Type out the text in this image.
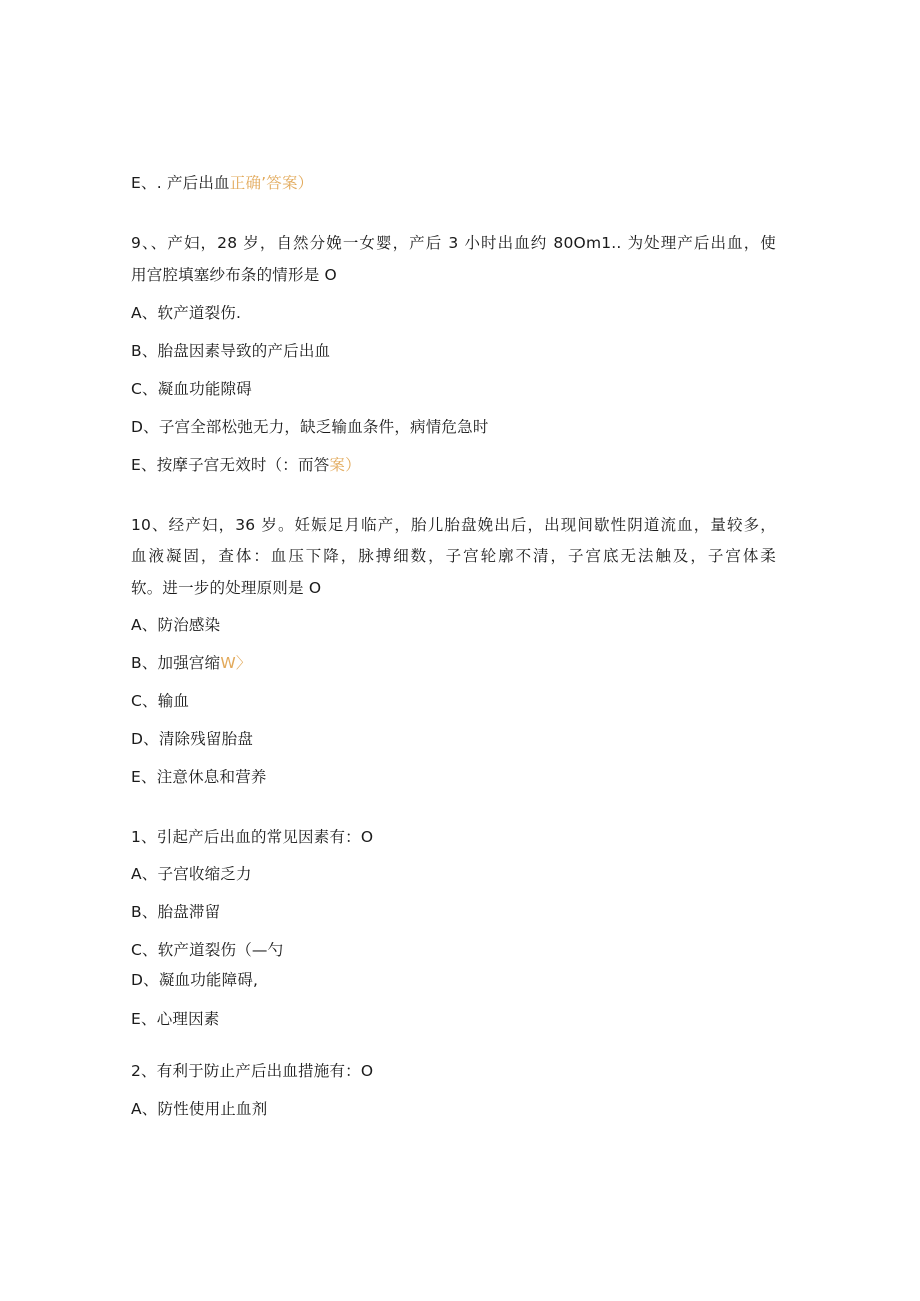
E、. 产后出血正确’答案）
9、、产妇，28 岁，自然分娩一女婴，产后 3 小时出血约 80Om1.. 为处理产后出血，使
用宫腔填塞纱布条的情形是 O
A、软产道裂伤.
B、胎盘因素导致的产后出血
C、凝血功能隙碍
D、子宫全部松弛无力，缺乏输血条件，病情危急时
E、按摩子宫无效时（：而答案）
10、经产妇，36 岁。妊娠足月临产，胎儿胎盘娩出后，出现间歇性阴道流血，量较多，
血液凝固，查体：血压下降，脉搏细数，子宫轮廓不清，子宫底无法触及，子宫体柔
软。进一步的处理原则是 O
A、防治感染
B、加强宫缩W〉
C、输血
D、清除残留胎盘
E、注意休息和营养
1、引起产后出血的常见因素有：O
A、子宫收缩乏力
B、胎盘滞留
C、软产道裂伤（—勺
D、凝血功能障碍,
E、心理因素
2、有利于防止产后出血措施有：O
A、防性使用止血剂
